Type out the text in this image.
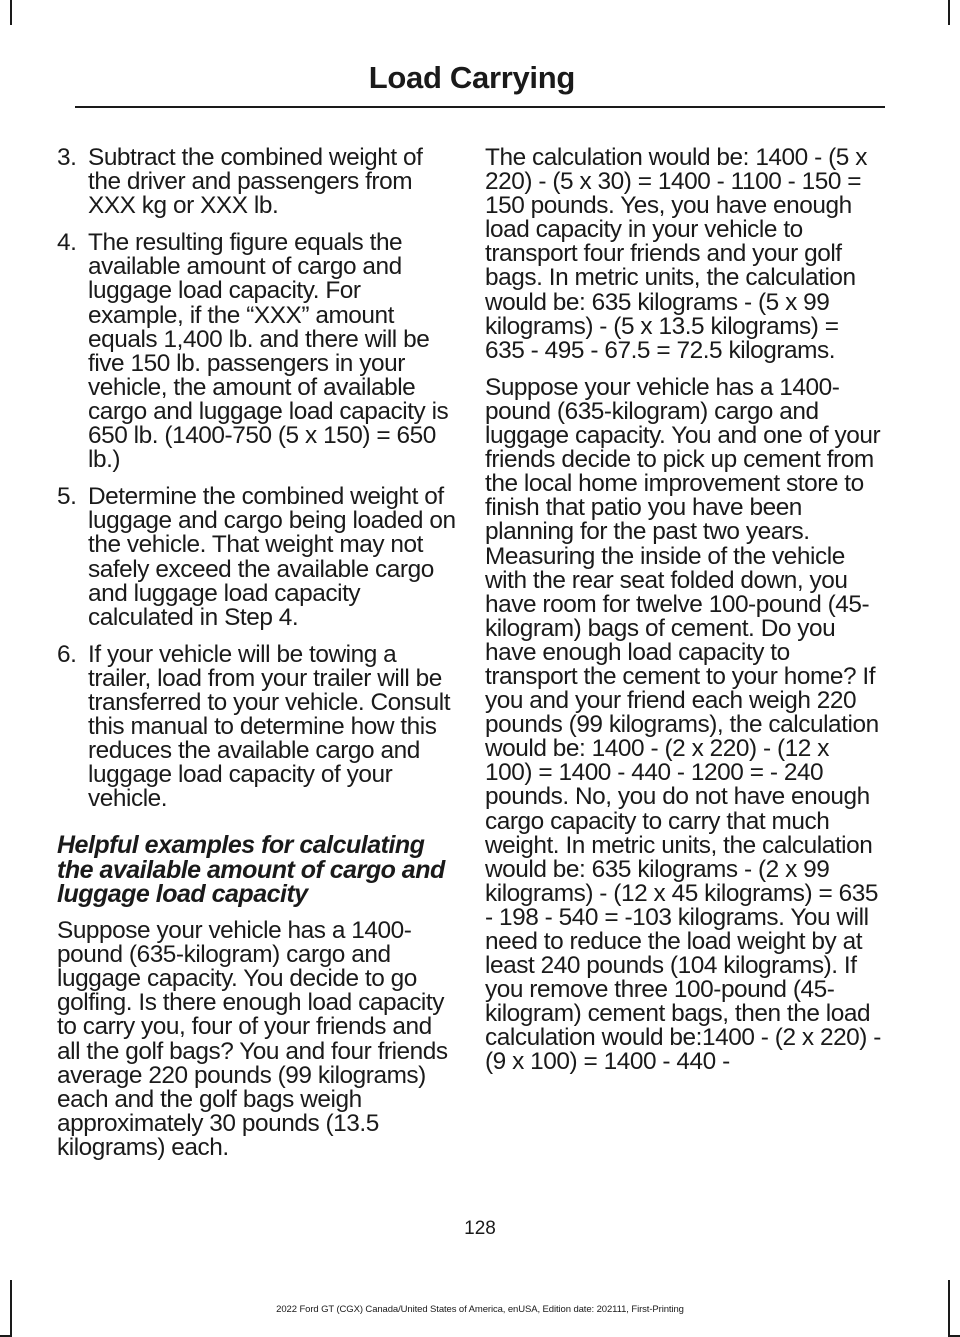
Load Carrying
3. Subtract the combined weight of the driver and passengers from XXX kg or XXX lb.
4. The resulting figure equals the available amount of cargo and luggage load capacity. For example, if the “XXX” amount equals 1,400 lb. and there will be five 150 lb. passengers in your vehicle, the amount of available cargo and luggage load capacity is 650 lb. (1400-750 (5 x 150) = 650 lb.)
5. Determine the combined weight of luggage and cargo being loaded on the vehicle. That weight may not safely exceed the available cargo and luggage load capacity calculated in Step 4.
6. If your vehicle will be towing a trailer, load from your trailer will be transferred to your vehicle. Consult this manual to determine how this reduces the available cargo and luggage load capacity of your vehicle.
Helpful examples for calculating the available amount of cargo and luggage load capacity

Suppose your vehicle has a 1400-pound (635-kilogram) cargo and luggage capacity. You decide to go golfing. Is there enough load capacity to carry you, four of your friends and all the golf bags? You and four friends average 220 pounds (99 kilograms) each and the golf bags weigh approximately 30 pounds (13.5 kilograms) each.

The calculation would be: 1400 - (5 x 220) - (5 x 30) = 1400 - 1100 - 150 = 150 pounds. Yes, you have enough load capacity in your vehicle to transport four friends and your golf bags. In metric units, the calculation would be: 635 kilograms - (5 x 99 kilograms) - (5 x 13.5 kilograms) = 635 - 495 - 67.5 = 72.5 kilograms.

Suppose your vehicle has a 1400-pound (635-kilogram) cargo and luggage capacity. You and one of your friends decide to pick up cement from the local home improvement store to finish that patio you have been planning for the past two years. Measuring the inside of the vehicle with the rear seat folded down, you have room for twelve 100-pound (45-kilogram) bags of cement. Do you have enough load capacity to transport the cement to your home? If you and your friend each weigh 220 pounds (99 kilograms), the calculation would be: 1400 - (2 x 220) - (12 x 100) = 1400 - 440 - 1200 = - 240 pounds. No, you do not have enough cargo capacity to carry that much weight. In metric units, the calculation would be: 635 kilograms - (2 x 99 kilograms) - (12 x 45 kilograms) = 635 - 198 - 540 = -103 kilograms. You will need to reduce the load weight by at least 240 pounds (104 kilograms). If you remove three 100-pound (45-kilogram) cement bags, then the load calculation would be:1400 - (2 x 220) - (9 x 100) = 1400 - 440 -

128
2022 Ford GT (CGX) Canada/United States of America, enUSA, Edition date: 202111, First-Printing
